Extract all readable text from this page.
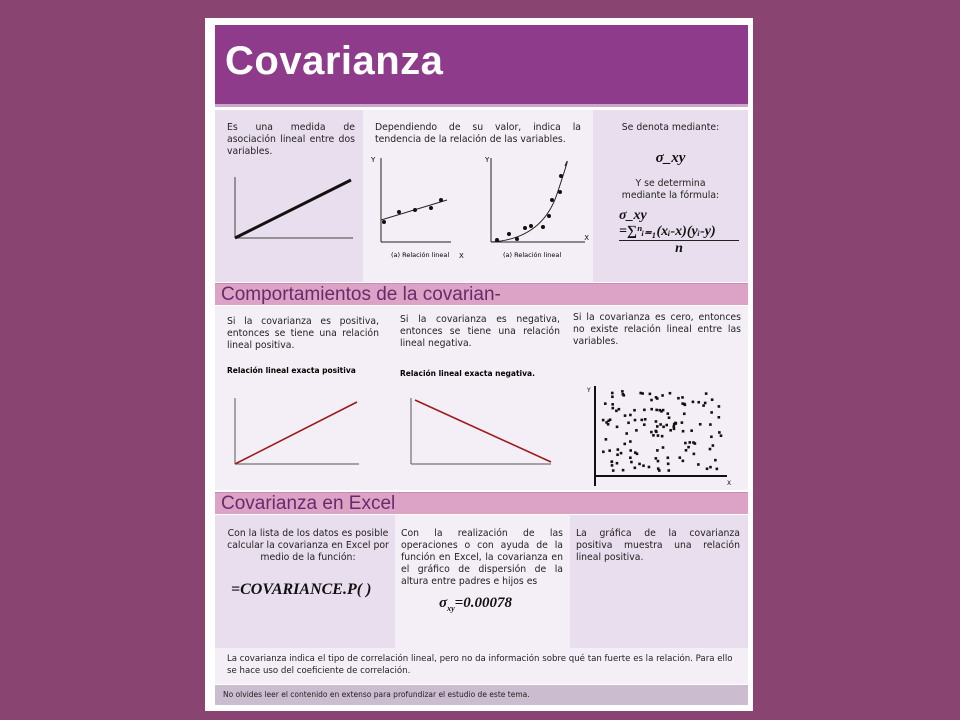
Covarianza
Es una medida de asociación lineal entre dos variables.
Dependiendo de su valor, indica la tendencia de la relación de las variables.
Y
X
Y
X
(a) Relación lineal	(a) Relación lineal
Se denota mediante:
σ_xy
Y se determina mediante la fórmula:
σ_xy
=∑ⁿᵢ₌₁(xᵢ-x)(yᵢ-y)
n
Comportamientos de la covarian-
Si la covarianza es positiva, entonces se tiene una relación lineal positiva.
Si la covarianza es negativa, entonces se tiene una relación lineal negativa.
Si la covarianza es cero, entonces no existe relación lineal entre las variables.
Relación lineal exacta positiva	Relación lineal exacta negativa.
Y
X
Covarianza en Excel
Con la lista de los datos es posible calcular la covarianza en Excel por medio de la función:
=COVARIANCE.P( )
Con la realización de las operaciones o con ayuda de la función en Excel, la covarianza en el gráfico de dispersión de la altura entre padres e hijos es
$\sigma_{xy}=0.00078$
La gráfica de la covarianza positiva muestra una relación lineal positiva.
La covarianza indica el tipo de correlación lineal, pero no da información sobre qué tan fuerte es la relación. Para ello se hace uso del coeficiente de correlación.
No olvides leer el contenido en extenso para profundizar el estudio de este tema.
